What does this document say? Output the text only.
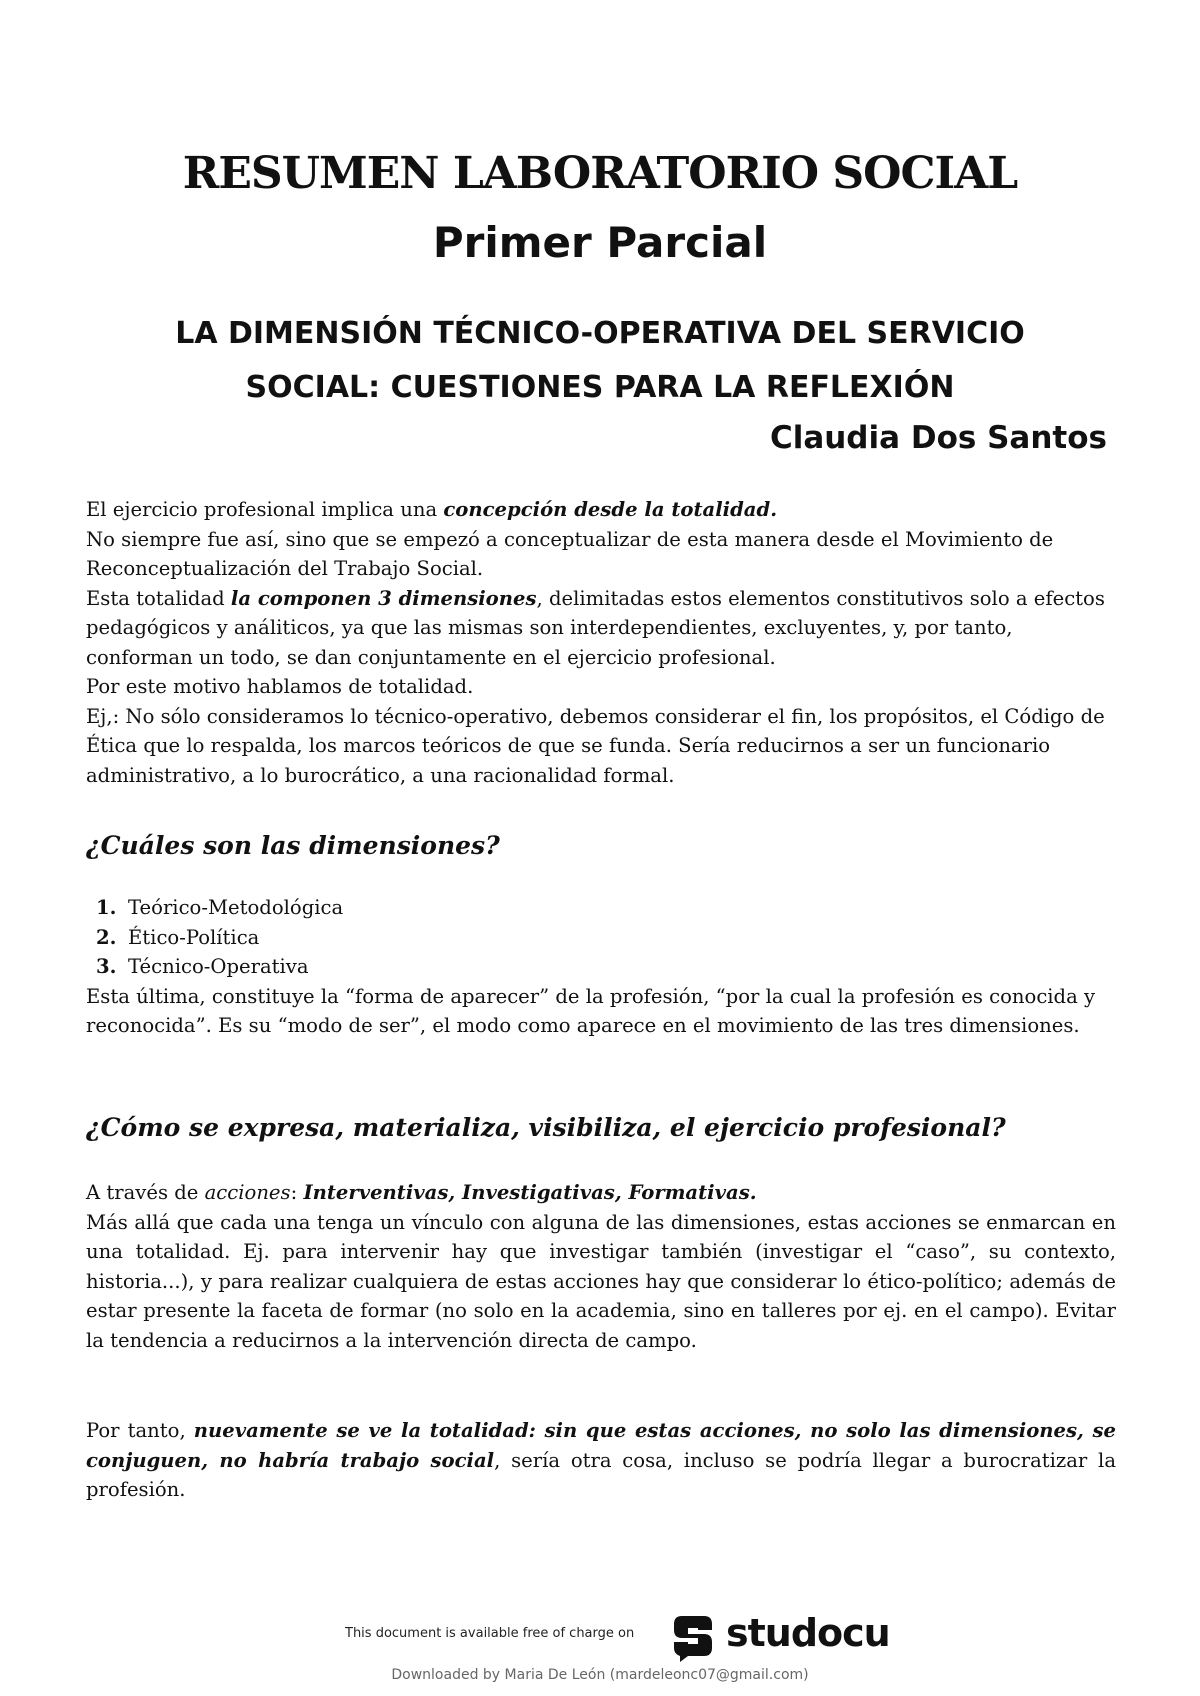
RESUMEN LABORATORIO SOCIAL
Primer Parcial
LA DIMENSIÓN TÉCNICO-OPERATIVA DEL SERVICIO
SOCIAL: CUESTIONES PARA LA REFLEXIÓN
Claudia Dos Santos

El ejercicio profesional implica una concepción desde la totalidad.

No siempre fue así, sino que se empezó a conceptualizar de esta manera desde el Movimiento de Reconceptualización del Trabajo Social.

Esta totalidad la componen 3 dimensiones, delimitadas estos elementos constitutivos solo a efectos pedagógicos y análiticos, ya que las mismas son interdependientes, excluyentes, y, por tanto, conforman un todo, se dan conjuntamente en el ejercicio profesional.

Por este motivo hablamos de totalidad.

Ej,: No sólo consideramos lo técnico-operativo, debemos considerar el fin, los propósitos, el Código de Ética que lo respalda, los marcos teóricos de que se funda. Sería reducirnos a ser un funcionario administrativo, a lo burocrático, a una racionalidad formal.

¿Cuáles son las dimensiones?
1. Teórico-Metodológica
2. Ético-Política
3. Técnico-Operativa

Esta última, constituye la “forma de aparecer” de la profesión, “por la cual la profesión es conocida y reconocida”. Es su “modo de ser”, el modo como aparece en el movimiento de las tres dimensiones.

¿Cómo se expresa, materializa, visibiliza, el ejercicio profesional?

A través de acciones: Interventivas, Investigativas, Formativas.

Más allá que cada una tenga un vínculo con alguna de las dimensiones, estas acciones se enmarcan en una totalidad. Ej. para intervenir hay que investigar también (investigar el “caso”, su contexto, historia...), y para realizar cualquiera de estas acciones hay que considerar lo ético-político; además de estar presente la faceta de formar (no solo en la academia, sino en talleres por ej. en el campo). Evitar la tendencia a reducirnos a la intervención directa de campo.

Por tanto, nuevamente se ve la totalidad: sin que estas acciones, no solo las dimensiones, se conjuguen, no habría trabajo social, sería otra cosa, incluso se podría llegar a burocratizar la profesión.

This document is available free of charge on studocu
Downloaded by Maria De León (mardeleonc07@gmail.com)
